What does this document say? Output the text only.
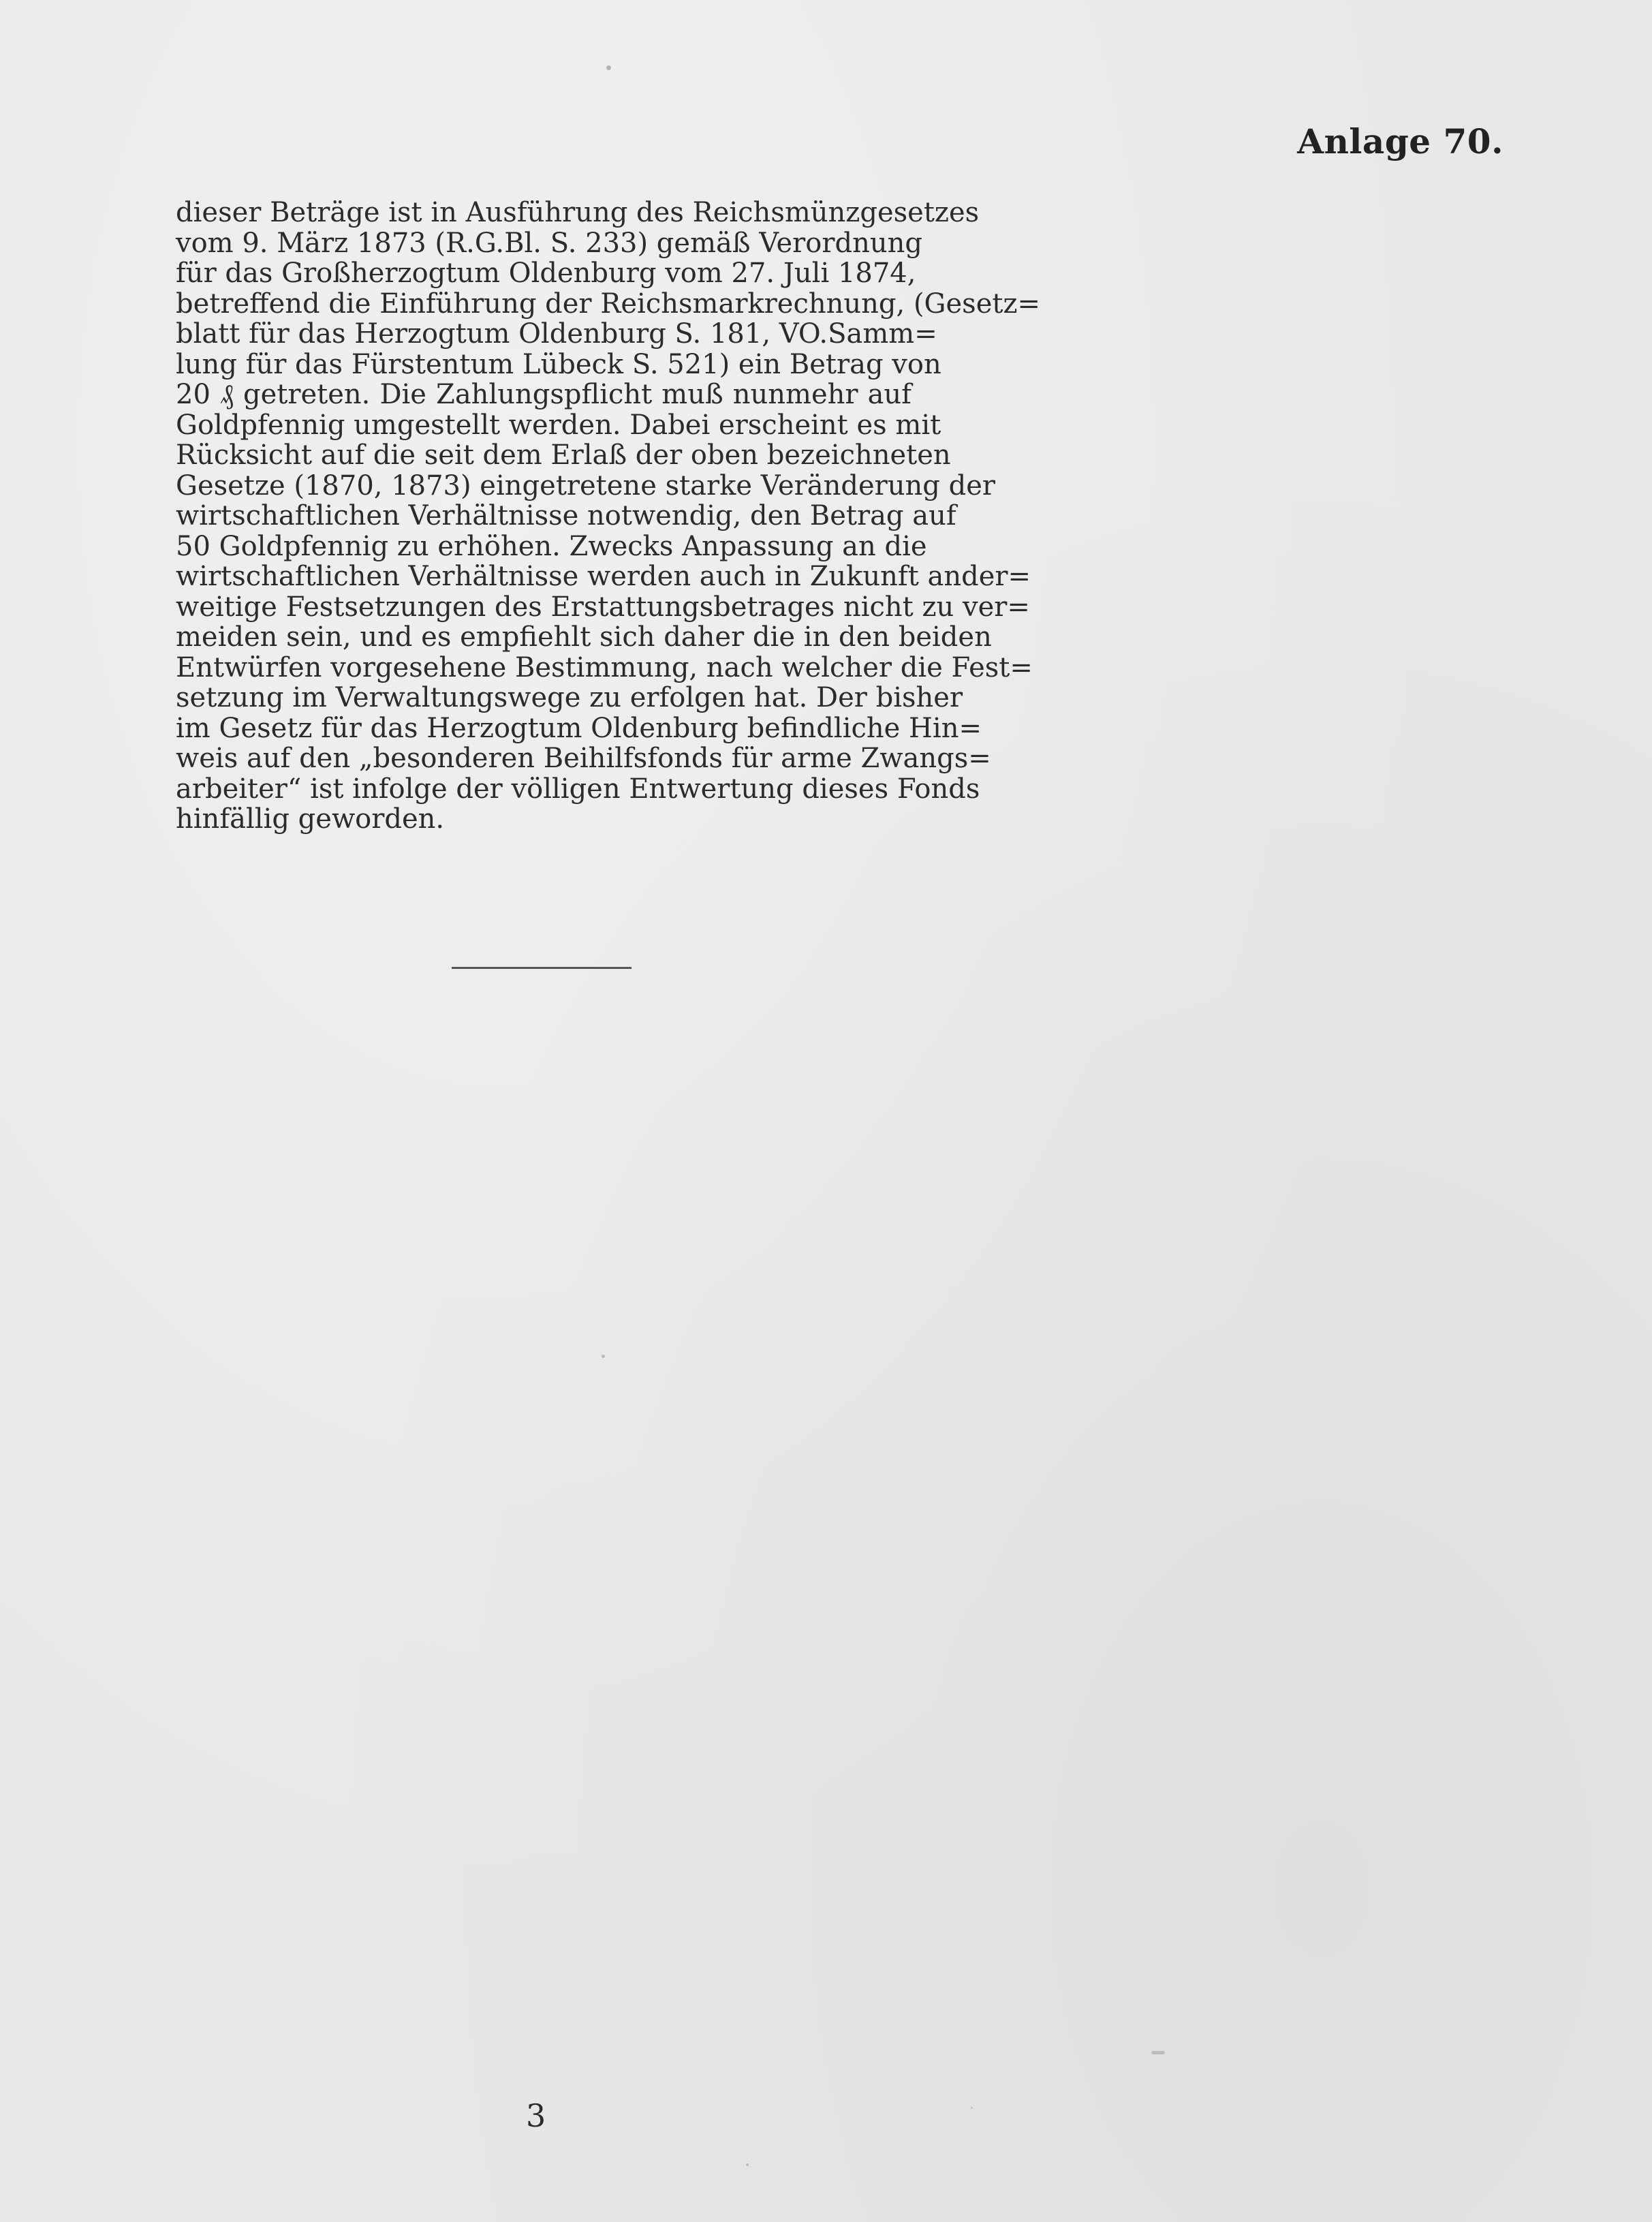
Anlage 70.
dieser Beträge ist in Ausführung des Reichsmünzgesetzes
vom 9. März 1873 (R.G.Bl. S. 233) gemäß Verordnung
für das Großherzogtum Oldenburg vom 27. Juli 1874,
betreffend die Einführung der Reichsmarkrechnung, (Gesetz=
blatt für das Herzogtum Oldenburg S. 181, VO.Samm=
lung für das Fürstentum Lübeck S. 521) ein Betrag von
20 ₰ getreten. Die Zahlungspflicht muß nunmehr auf
Goldpfennig umgestellt werden. Dabei erscheint es mit
Rücksicht auf die seit dem Erlaß der oben bezeichneten
Gesetze (1870, 1873) eingetretene starke Veränderung der
wirtschaftlichen Verhältnisse notwendig, den Betrag auf
50 Goldpfennig zu erhöhen. Zwecks Anpassung an die
wirtschaftlichen Verhältnisse werden auch in Zukunft ander=
weitige Festsetzungen des Erstattungsbetrages nicht zu ver=
meiden sein, und es empfiehlt sich daher die in den beiden
Entwürfen vorgesehene Bestimmung, nach welcher die Fest=
setzung im Verwaltungswege zu erfolgen hat. Der bisher
im Gesetz für das Herzogtum Oldenburg befindliche Hin=
weis auf den „besonderen Beihilfsfonds für arme Zwangs=
arbeiter“ ist infolge der völligen Entwertung dieses Fonds
hinfällig geworden.
3
